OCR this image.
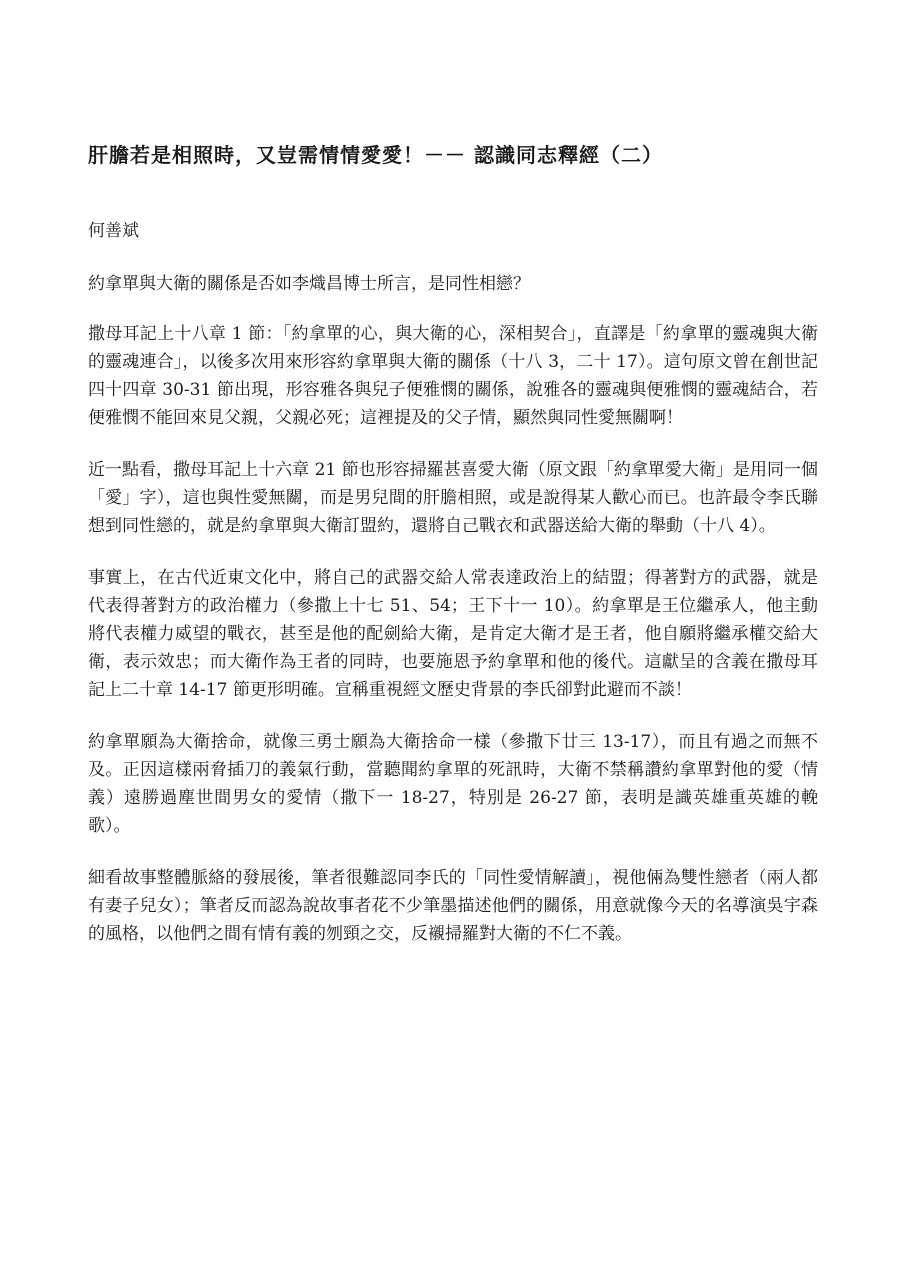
肝膽若是相照時，又豈需情情愛愛！－－ 認識同志釋經（二）

何善斌

約拿單與大衛的關係是否如李熾昌博士所言，是同性相戀？

撒母耳記上十八章 1 節：「約拿單的心，與大衛的心，深相契合」，直譯是「約拿單的靈魂與大衛的靈魂連合」，以後多次用來形容約拿單與大衛的關係（十八 3，二十 17）。這句原文曾在創世記四十四章 30-31 節出現，形容雅各與兒子便雅憫的關係，說雅各的靈魂與便雅憫的靈魂結合，若便雅憫不能回來見父親，父親必死；這裡提及的父子情，顯然與同性愛無關啊！

近一點看，撒母耳記上十六章 21 節也形容掃羅甚喜愛大衛（原文跟「約拿單愛大衛」是用同一個「愛」字），這也與性愛無關，而是男兒間的肝膽相照，或是說得某人歡心而已。也許最令李氏聯想到同性戀的，就是約拿單與大衛訂盟約，還將自己戰衣和武器送給大衛的舉動（十八 4）。

事實上，在古代近東文化中，將自己的武器交給人常表達政治上的結盟；得著對方的武器，就是代表得著對方的政治權力（參撒上十七 51、54；王下十一 10）。約拿單是王位繼承人，他主動將代表權力威望的戰衣，甚至是他的配劍給大衛，是肯定大衛才是王者，他自願將繼承權交給大衛，表示效忠；而大衛作為王者的同時，也要施恩予約拿單和他的後代。這獻呈的含義在撒母耳記上二十章 14-17 節更形明確。宣稱重視經文歷史背景的李氏卻對此避而不談！

約拿單願為大衛捨命，就像三勇士願為大衛捨命一樣（參撒下廿三 13-17），而且有過之而無不及。正因這樣兩脅插刀的義氣行動，當聽聞約拿單的死訊時，大衛不禁稱讚約拿單對他的愛（情義）遠勝過塵世間男女的愛情（撒下一 18-27，特別是 26-27 節，表明是識英雄重英雄的輓歌）。

細看故事整體脈絡的發展後，筆者很難認同李氏的「同性愛情解讀」，視他倆為雙性戀者（兩人都有妻子兒女）；筆者反而認為說故事者花不少筆墨描述他們的關係，用意就像今天的名導演吳宇森的風格，以他們之間有情有義的刎頸之交，反襯掃羅對大衛的不仁不義。
